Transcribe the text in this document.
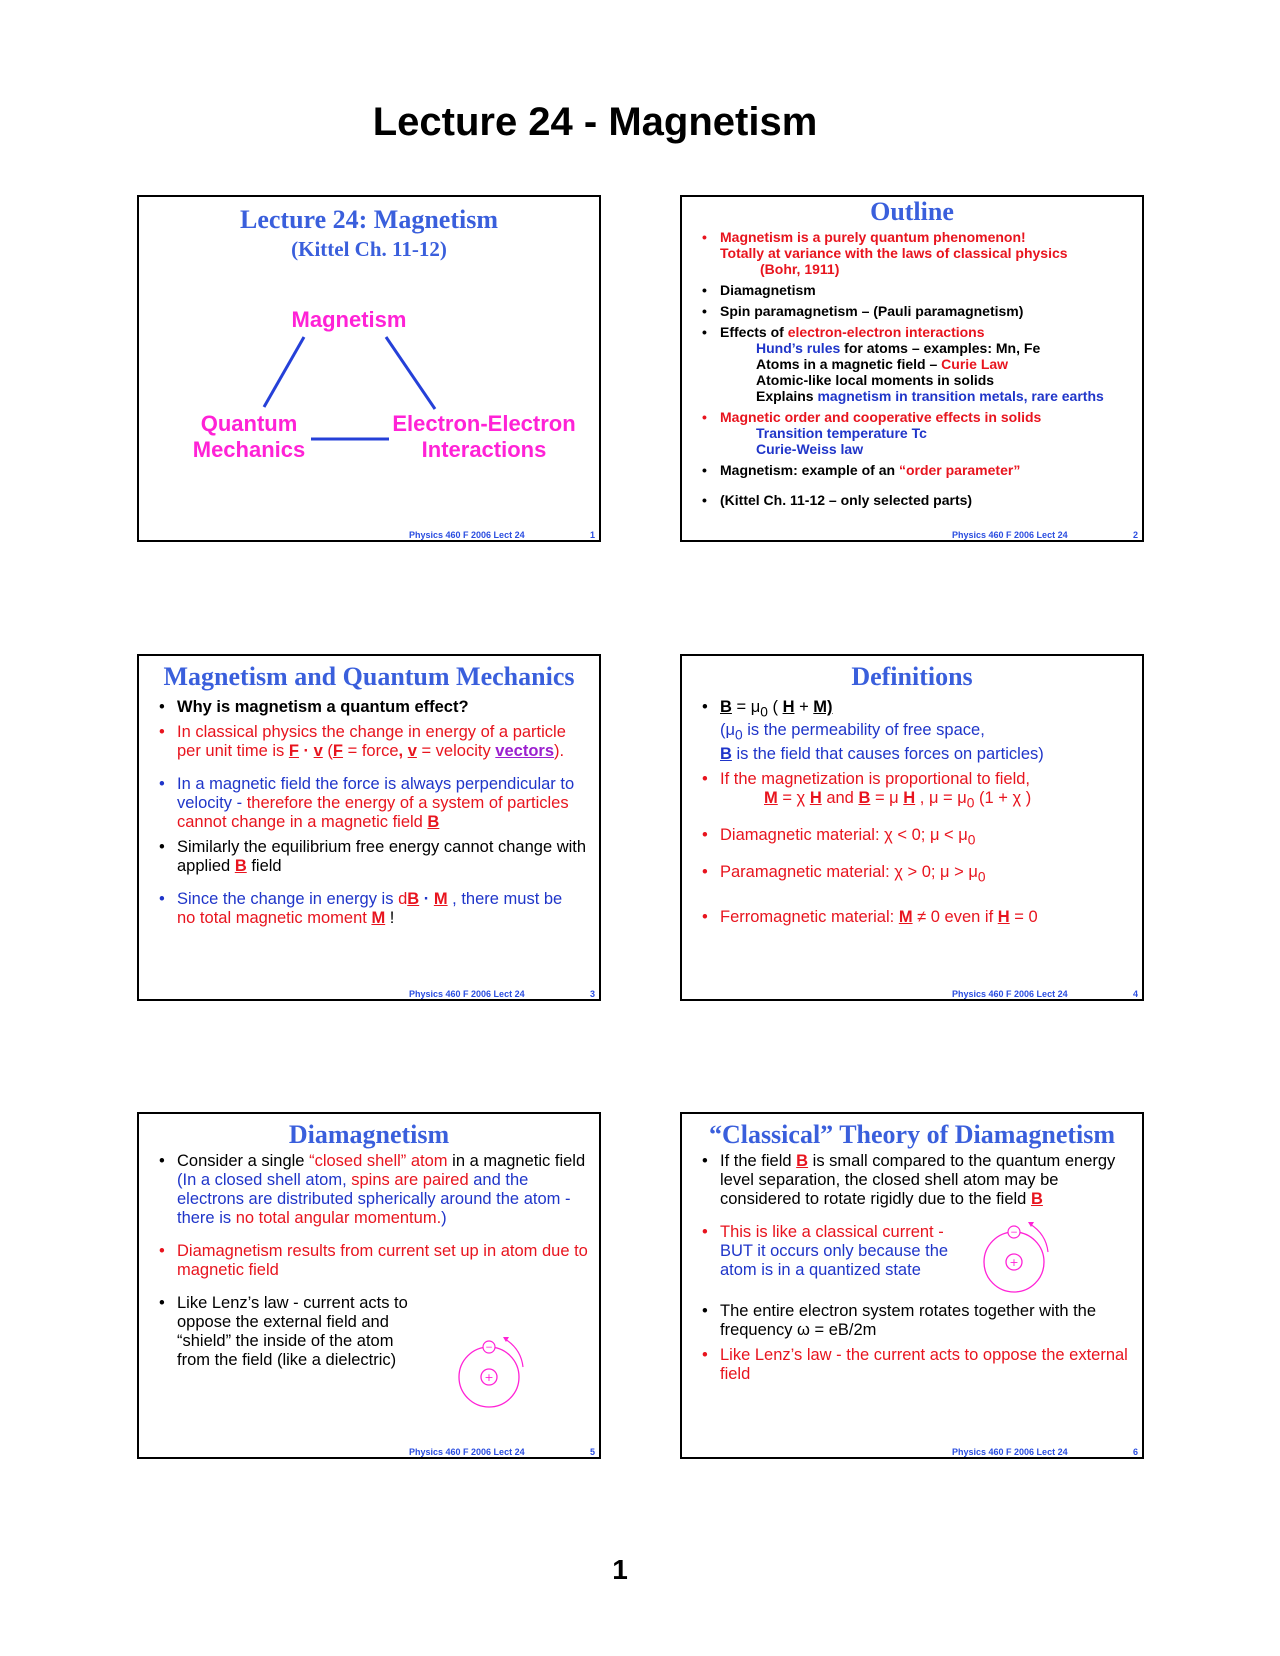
Lecture 24 - Magnetism
Lecture 24: Magnetism
(Kittel Ch. 11-12)
Magnetism
Quantum
Mechanics
Electron-Electron
Interactions
Physics 460 F 2006 Lect 24	1
Outline
• Magnetism is a purely quantum phenomenon!
Totally at variance with the laws of classical physics

(Bohr, 1911)
• Diamagnetism
• Spin paramagnetism – (Pauli paramagnetism)
• Effects of electron-electron interactions
Hund’s rules for atoms – examples: Mn, Fe
Atoms in a magnetic field – Curie Law
Atomic-like local moments in solids
Explains magnetism in transition metals, rare earths
• Magnetic order and cooperative effects in solids
Transition temperature Tc
Curie-Weiss law
• Magnetism: example of an “order parameter”
• (Kittel Ch. 11-12 – only selected parts)
Physics 460 F 2006 Lect 24	2
Magnetism and Quantum Mechanics
• Why is magnetism a quantum effect?
• In classical physics the change in energy of a particle per unit time is F · v (F = force, v = velocity vectors).
• In a magnetic field the force is always perpendicular to velocity - therefore the energy of a system of particles cannot change in a magnetic field B
• Similarly the equilibrium free energy cannot change with applied B field
• Since the change in energy is dB · M , there must be
no total magnetic moment M !
Physics 460 F 2006 Lect 24	3
Definitions
• $B = \mu_0$ ( H + M)
($\mu_0$ is the permeability of free space,
B is the field that causes forces on particles)
• If the magnetization is proportional to field,
M = χ H and B = μ H , $\mu = \mu_0$ (1 + χ )
• Diamagnetic material: χ < 0; $\mu < \mu_0$
• Paramagnetic material: χ > 0; $\mu > \mu_0$
• Ferromagnetic material: M ≠ 0 even if H = 0
Physics 460 F 2006 Lect 24	4
Diamagnetism
• Consider a single “closed shell” atom in a magnetic field
(In a closed shell atom, spins are paired and the electrons are distributed spherically around the atom - there is no total angular momentum.)
• Diamagnetism results from current set up in atom due to magnetic field
• Like Lenz’s law - current acts to oppose the external field and “shield” the inside of the atom from the field (like a dielectric)
+
−
Physics 460 F 2006 Lect 24	5
“Classical” Theory of Diamagnetism
• If the field B is small compared to the quantum energy level separation, the closed shell atom may be considered to rotate rigidly due to the field B
• This is like a classical current - BUT it occurs only because the atom is in a quantized state
• The entire electron system rotates together with the frequency ω = eB/2m
• Like Lenz’s law - the current acts to oppose the external field
+
−
Physics 460 F 2006 Lect 24	6
1
